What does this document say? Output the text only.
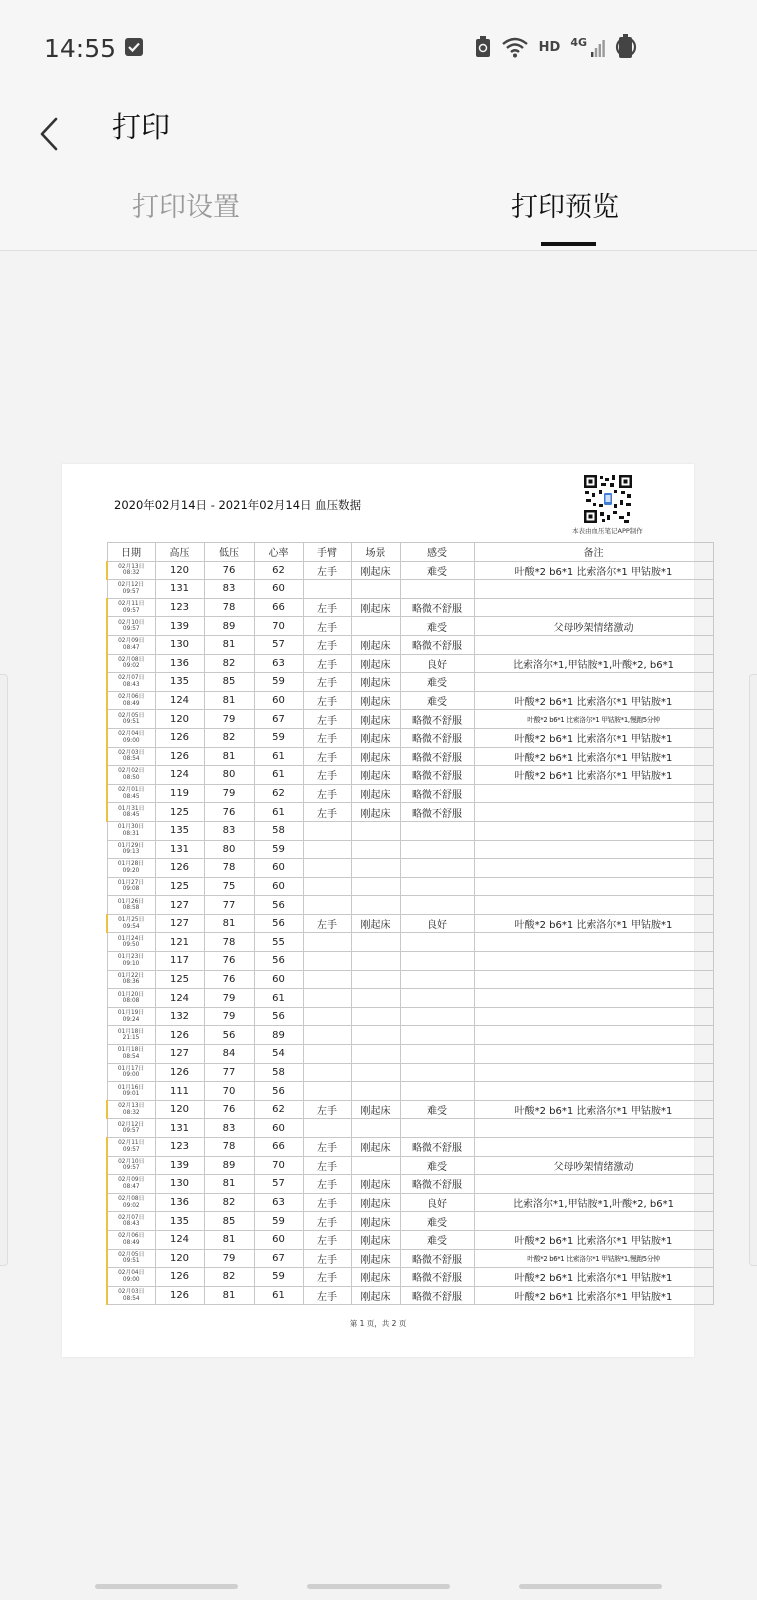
14:55	HD 4G
打印
打印设置	打印预览
2020年02月14日 - 2021年02月14日 血压数据
本表由血压笔记APP制作
日期	高压	低压	心率	手臂	场景	感受	备注
02月13日
08:32	120	76	62	左手	刚起床	难受	叶酸*2 b6*1 比索洛尔*1 甲钴胺*1
02月12日
09:57	131	83	60				
02月11日
09:57	123	78	66	左手	刚起床	略微不舒服	
02月10日
09:57	139	89	70	左手		难受	父母吵架情绪激动
02月09日
08:47	130	81	57	左手	刚起床	略微不舒服	
02月08日
09:02	136	82	63	左手	刚起床	良好	比索洛尔*1,甲钴胺*1,叶酸*2, b6*1
02月07日
08:43	135	85	59	左手	刚起床	难受	
02月06日
08:49	124	81	60	左手	刚起床	难受	叶酸*2 b6*1 比索洛尔*1 甲钴胺*1
02月05日
09:51	120	79	67	左手	刚起床	略微不舒服	叶酸*2 b6*1 比索洛尔*1 甲钴胺*1,慢跑5分钟
02月04日
09:00	126	82	59	左手	刚起床	略微不舒服	叶酸*2 b6*1 比索洛尔*1 甲钴胺*1
02月03日
08:54	126	81	61	左手	刚起床	略微不舒服	叶酸*2 b6*1 比索洛尔*1 甲钴胺*1
02月02日
08:50	124	80	61	左手	刚起床	略微不舒服	叶酸*2 b6*1 比索洛尔*1 甲钴胺*1
02月01日
08:45	119	79	62	左手	刚起床	略微不舒服	
01月31日
08:45	125	76	61	左手	刚起床	略微不舒服	
01月30日
08:31	135	83	58				
01月29日
09:13	131	80	59				
01月28日
09:20	126	78	60				
01月27日
09:08	125	75	60				
01月26日
08:58	127	77	56				
01月25日
09:54	127	81	56	左手	刚起床	良好	叶酸*2 b6*1 比索洛尔*1 甲钴胺*1
01月24日
09:50	121	78	55				
01月23日
09:10	117	76	56				
01月22日
08:36	125	76	60				
01月20日
08:08	124	79	61				
01月19日
09:24	132	79	56				
01月18日
21:15	126	56	89				
01月18日
08:54	127	84	54				
01月17日
09:00	126	77	58				
01月16日
09:01	111	70	56				
02月13日
08:32	120	76	62	左手	刚起床	难受	叶酸*2 b6*1 比索洛尔*1 甲钴胺*1
02月12日
09:57	131	83	60				
02月11日
09:57	123	78	66	左手	刚起床	略微不舒服	
02月10日
09:57	139	89	70	左手		难受	父母吵架情绪激动
02月09日
08:47	130	81	57	左手	刚起床	略微不舒服	
02月08日
09:02	136	82	63	左手	刚起床	良好	比索洛尔*1,甲钴胺*1,叶酸*2, b6*1
02月07日
08:43	135	85	59	左手	刚起床	难受	
02月06日
08:49	124	81	60	左手	刚起床	难受	叶酸*2 b6*1 比索洛尔*1 甲钴胺*1
02月05日
09:51	120	79	67	左手	刚起床	略微不舒服	叶酸*2 b6*1 比索洛尔*1 甲钴胺*1,慢跑5分钟
02月04日
09:00	126	82	59	左手	刚起床	略微不舒服	叶酸*2 b6*1 比索洛尔*1 甲钴胺*1
02月03日
08:54	126	81	61	左手	刚起床	略微不舒服	叶酸*2 b6*1 比索洛尔*1 甲钴胺*1
第 1 页，共 2 页
